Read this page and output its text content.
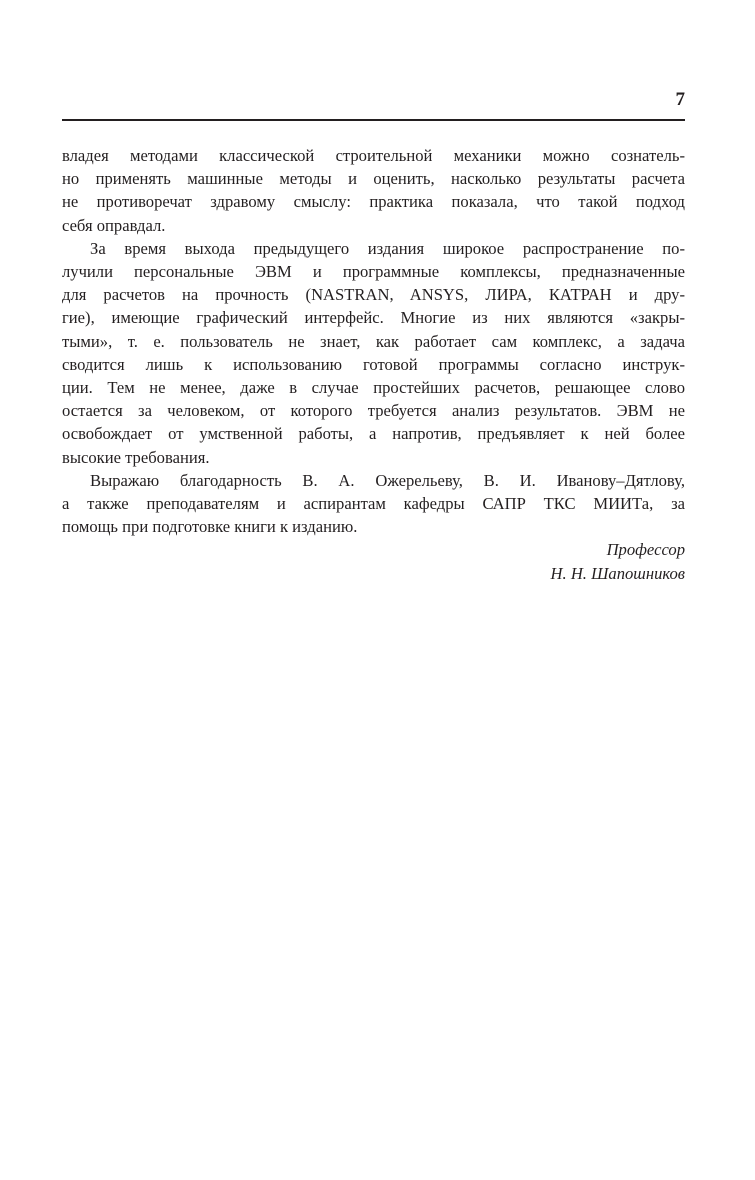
7
владея методами классической строительной механики можно сознатель-
но применять машинные методы и оценить, насколько результаты расчета
не противоречат здравому смыслу: практика показала, что такой подход
себя оправдал.
За время выхода предыдущего издания широкое распространение по-
лучили персональные ЭВМ и программные комплексы, предназначенные
для расчетов на прочность (NASTRAN, ANSYS, ЛИРА, КАТРАН и дру-
гие), имеющие графический интерфейс. Многие из них являются «закры-
тыми», т. е. пользователь не знает, как работает сам комплекс, а задача
сводится лишь к использованию готовой программы согласно инструк-
ции. Тем не менее, даже в случае простейших расчетов, решающее слово
остается за человеком, от которого требуется анализ результатов. ЭВМ не
освобождает от умственной работы, а напротив, предъявляет к ней более
высокие требования.
Выражаю благодарность В. А. Ожерельеву, В. И. Иванову–Дятлову,
а также преподавателям и аспирантам кафедры САПР ТКС МИИТа, за
помощь при подготовке книги к изданию.
Профессор
Н. Н. Шапошников
